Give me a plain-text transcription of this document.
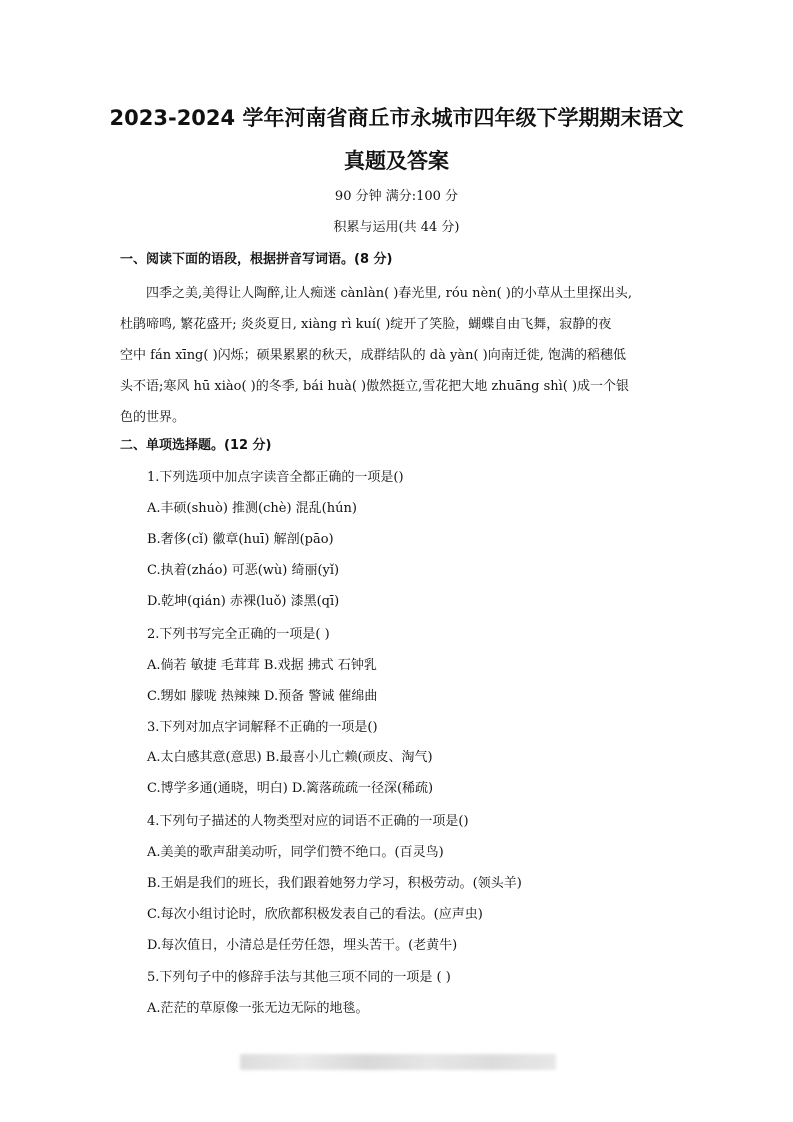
2023-2024 学年河南省商丘市永城市四年级下学期期末语文
真题及答案
90 分钟 满分:100 分
积累与运用(共 44 分)
一、阅读下面的语段，根据拼音写词语。(8 分)
四季之美,美得让人陶醉,让人痴迷 cànlàn( )春光里, róu nèn( )的小草从土里探出头,
杜鹃啼鸣, 繁花盛开; 炎炎夏日, xiàng rì kuí( )绽开了笑脸，蝴蝶自由飞舞，寂静的夜
空中 fán xīng( )闪烁；硕果累累的秋天，成群结队的 dà yàn( )向南迁徙, 饱满的稻穗低
头不语;寒风 hū xiào( )的冬季, bái huà( )傲然挺立,雪花把大地 zhuāng shì( )成一个银
色的世界。
二、单项选择题。(12 分)
1.下列选项中加点字读音全都正确的一项是()
A.丰硕(shuò) 推测(chè) 混乱(hún)
B.奢侈(cǐ) 徽章(huī) 解剖(pāo)
C.执着(zháo) 可恶(wù) 绮丽(yǐ)
D.乾坤(qián) 赤裸(luǒ) 漆黑(qī)
2.下列书写完全正确的一项是( )
A.倘若 敏捷 毛茸茸 B.戏据 拂式 石钟乳
C.甥如 朦咙 热辣辣 D.预备 警诫 催绵曲
3.下列对加点字词解释不正确的一项是()
A.太白感其意(意思) B.最喜小儿亡赖(顽皮、淘气)
C.博学多通(通晓，明白) D.篱落疏疏一径深(稀疏)
4.下列句子描述的人物类型对应的词语不正确的一项是()
A.美美的歌声甜美动听，同学们赞不绝口。(百灵鸟)
B.王娟是我们的班长，我们跟着她努力学习，积极劳动。(领头羊)
C.每次小组讨论时，欣欣都积极发表自己的看法。(应声虫)
D.每次值日，小清总是任劳任怨，埋头苦干。(老黄牛)
5.下列句子中的修辞手法与其他三项不同的一项是 ( )
A.茫茫的草原像一张无边无际的地毯。
